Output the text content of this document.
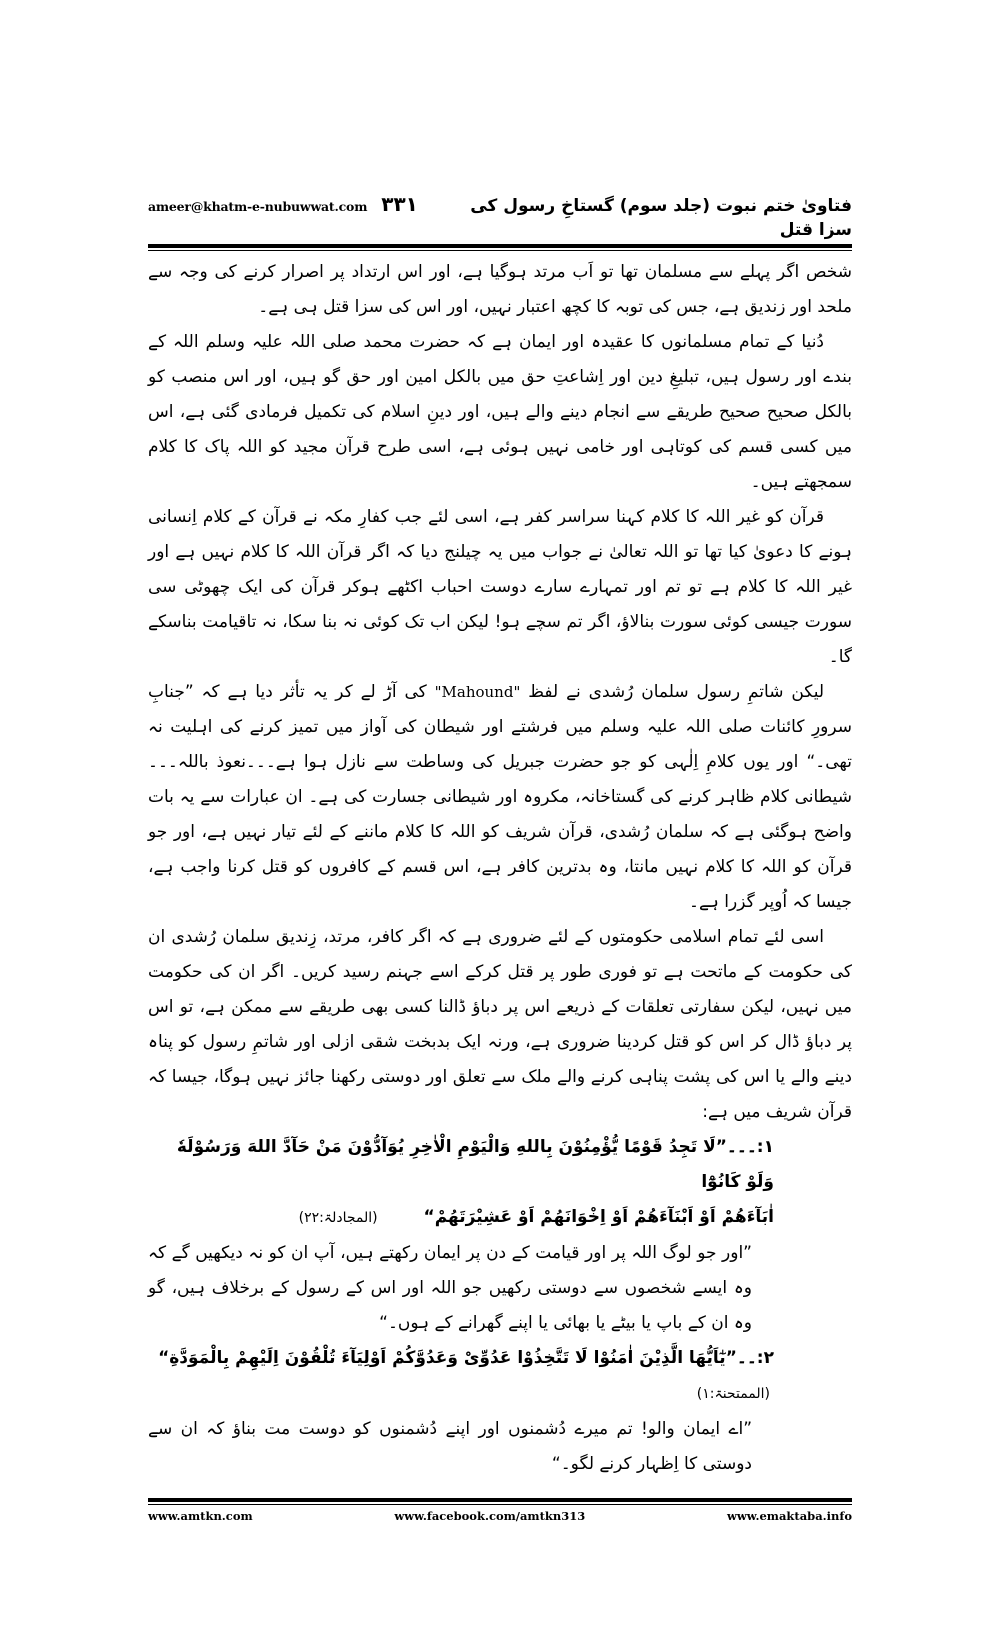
ameer@khatm-e-nubuwwat.com ۳۳۱	فتاویٰ ختم نبوت (جلد سوم) گستاخِ رسول کی سزا قتل

شخص اگر پہلے سے مسلمان تھا تو اَب مرتد ہوگیا ہے، اور اس ارتداد پر اصرار کرنے کی وجہ سے ملحد اور زندیق ہے، جس کی توبہ کا کچھ اعتبار نہیں، اور اس کی سزا قتل ہی ہے۔

دُنیا کے تمام مسلمانوں کا عقیدہ اور ایمان ہے کہ حضرت محمد صلی اللہ علیہ وسلم اللہ کے بندے اور رسول ہیں، تبلیغِ دین اور اِشاعتِ حق میں بالکل امین اور حق گو ہیں، اور اس منصب کو بالکل صحیح صحیح طریقے سے انجام دینے والے ہیں، اور دینِ اسلام کی تکمیل فرمادی گئی ہے، اس میں کسی قسم کی کوتاہی اور خامی نہیں ہوئی ہے، اسی طرح قرآن مجید کو اللہ پاک کا کلام سمجھتے ہیں۔

قرآن کو غیر اللہ کا کلام کہنا سراسر کفر ہے، اسی لئے جب کفارِ مکہ نے قرآن کے کلام اِنسانی ہونے کا دعویٰ کیا تھا تو اللہ تعالیٰ نے جواب میں یہ چیلنج دیا کہ اگر قرآن اللہ کا کلام نہیں ہے اور غیر اللہ کا کلام ہے تو تم اور تمہارے سارے دوست احباب اکٹھے ہوکر قرآن کی ایک چھوٹی سی سورت جیسی کوئی سورت بنالاؤ، اگر تم سچے ہو! لیکن اب تک کوئی نہ بنا سکا، نہ تاقیامت بناسکے گا۔

لیکن شاتمِ رسول سلمان رُشدی نے لفظ "Mahound" کی آڑ لے کر یہ تأثر دیا ہے کہ ”جنابِ سرورِ کائنات صلی اللہ علیہ وسلم میں فرشتے اور شیطان کی آواز میں تمیز کرنے کی اہلیت نہ تھی۔“ اور یوں کلامِ اِلٰہی کو جو حضرت جبریل کی وساطت سے نازل ہوا ہے۔۔۔نعوذ باللہ۔۔۔شیطانی کلام ظاہر کرنے کی گستاخانہ، مکروہ اور شیطانی جسارت کی ہے۔ ان عبارات سے یہ بات واضح ہوگئی ہے کہ سلمان رُشدی، قرآن شریف کو اللہ کا کلام ماننے کے لئے تیار نہیں ہے، اور جو قرآن کو اللہ کا کلام نہیں مانتا، وہ بدترین کافر ہے، اس قسم کے کافروں کو قتل کرنا واجب ہے، جیسا کہ اُوپر گزرا ہے۔

اسی لئے تمام اسلامی حکومتوں کے لئے ضروری ہے کہ اگر کافر، مرتد، زِندیق سلمان رُشدی ان کی حکومت کے ماتحت ہے تو فوری طور پر قتل کرکے اسے جہنم رسید کریں۔ اگر ان کی حکومت میں نہیں، لیکن سفارتی تعلقات کے ذریعے اس پر دباؤ ڈالنا کسی بھی طریقے سے ممکن ہے، تو اس پر دباؤ ڈال کر اس کو قتل کردینا ضروری ہے، ورنہ ایک بدبخت شقی ازلی اور شاتمِ رسول کو پناہ دینے والے یا اس کی پشت پناہی کرنے والے ملک سے تعلق اور دوستی رکھنا جائز نہیں ہوگا، جیسا کہ قرآن شریف میں ہے:

۱:۔۔۔”لَا تَجِدُ قَوْمًا یُّؤْمِنُوْنَ بِاللهِ وَالْیَوْمِ الْاٰخِرِ یُوَآدُّوْنَ مَنْ حَآدَّ اللهَ وَرَسُوْلَهٗ وَلَوْ كَانُوْٓا
اٰبَآءَهُمْ اَوْ اَبْنَآءَهُمْ اَوْ اِخْوَانَهُمْ اَوْ عَشِیْرَتَهُمْ“ (المجادلۃ:۲۲)

”اور جو لوگ اللہ پر اور قیامت کے دن پر ایمان رکھتے ہیں، آپ ان کو نہ دیکھیں گے کہ وہ ایسے شخصوں سے دوستی رکھیں جو اللہ اور اس کے رسول کے برخلاف ہیں، گو وہ ان کے باپ یا بیٹے یا بھائی یا اپنے گھرانے کے ہوں۔“

۲:۔۔”یٰٓاَیُّهَا الَّذِیْنَ اٰمَنُوْا لَا تَتَّخِذُوْا عَدُوِّیْ وَعَدُوَّكُمْ اَوْلِیَآءَ تُلْقُوْنَ اِلَیْهِمْ بِالْمَوَدَّةِ“ (الممتحنۃ:۱)

”اے ایمان والو! تم میرے دُشمنوں اور اپنے دُشمنوں کو دوست مت بناؤ کہ ان سے دوستی کا اِظہار کرنے لگو۔“

www.amtkn.com	www.facebook.com/amtkn313	www.emaktaba.info
